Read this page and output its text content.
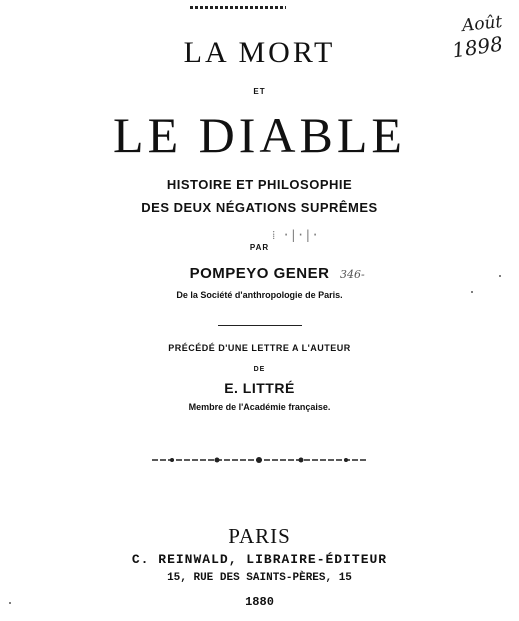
LA MORT
ET
LE DIABLE
HISTOIRE ET PHILOSOPHIE
DES DEUX NÉGATIONS SUPRÊMES
⁞ ·|·|·
PAR
POMPEYO GENER
De la Société d'anthropologie de Paris.
PRÉCÉDÉ D'UNE LETTRE A L'AUTEUR
DE
E. LITTRÉ
Membre de l'Académie française.
PARIS
C. REINWALD, LIBRAIRE-ÉDITEUR
15, RUE DES SAINTS-PÈRES, 15
1880
Août
1898
346-
